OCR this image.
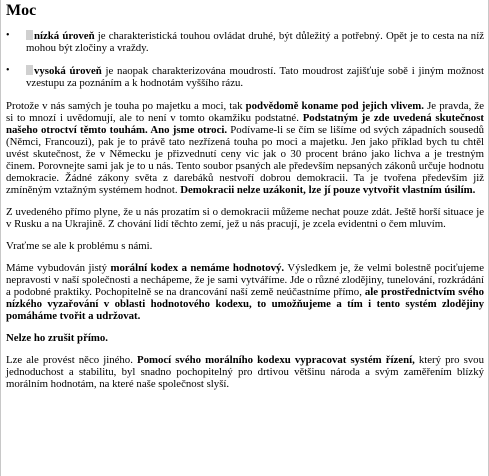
Moc
• nízká úroveň je charakteristická touhou ovládat druhé, být důležitý a potřebný. Opět je to cesta na níž mohou být zločiny a vraždy.
• vysoká úroveň je naopak charakterizována moudrostí. Tato moudrost zajišťuje sobě i jiným možnost vzestupu za poznáním a k hodnotám vyššího rázu.

Protože v nás samých je touha po majetku a moci, tak podvědomě koname pod jejich vlivem. Je pravda, že si to mnozí i uvědomují, ale to není v tomto okamžiku podstatné. Podstatným je zde uvedená skutečnost našeho otroctví těmto touhám. Ano jsme otroci. Podívame-li se čím se lišíme od svých západních sousedů (Němci, Francouzi), pak je to právě tato nezřízená touha po moci a majetku. Jen jako příklad bych tu chtěl uvést skutečnost, že v Německu je přizvednutí ceny vic jak o 30 procent bráno jako lichva a je trestným činem. Porovnejte sami jak je to u nás. Tento soubor psaných ale především nepsaných zákonů určuje hodnotu demokracie. Žádné zákony světa z darebáků nestvoří dobrou demokracii. Ta je tvořena především již zmíněným vztažným systémem hodnot. Demokracii nelze uzákonit, lze jí pouze vytvořit vlastním úsilím.

Z uvedeného přímo plyne, že u nás prozatím si o demokracii můžeme nechat pouze zdát. Ještě horší situace je v Rusku a na Ukrajině. Z chování lidí těchto zemí, jež u nás pracují, je zcela evidentni o čem mluvím.

Vraťme se ale k problému s námi.

Máme vybudován jistý morální kodex a nemáme hodnotový. Výsledkem je, že velmi bolestně pociťujeme nepravosti v naší společnosti a nechápeme, že je sami vytváříme. Jde o různé zlodějiny, tunelování, rozkrádání a podobné praktiky. Pochopitelně se na drancování naší země neúčastníme přímo, ale prostřednictvím svého nízkého vyzařování v oblasti hodnotového kodexu, to umožňujeme a tím i tento systém zlodějiny pomáháme tvořit a udržovat.

Nelze ho zrušit přímo.

Lze ale provést něco jiného. Pomocí svého morálního kodexu vypracovat systém řízení, který pro svou jednoduchost a stabilitu, byl snadno pochopitelný pro drtivou většinu národa a svým zaměřením blízký morálním hodnotám, na které naše společnost slyší.
